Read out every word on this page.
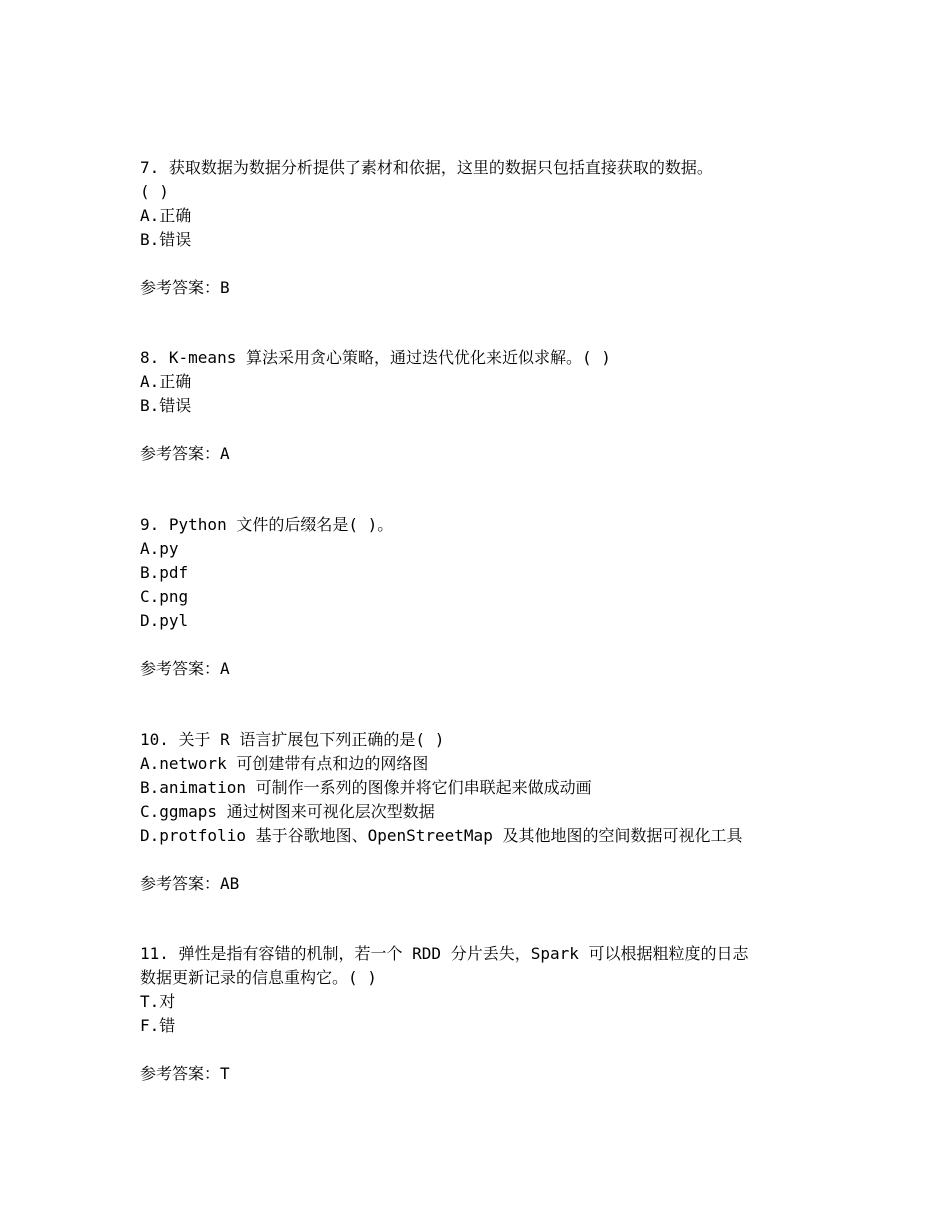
7. 获取数据为数据分析提供了素材和依据，这里的数据只包括直接获取的数据。
( )
A.正确
B.错误
参考答案：B
8. K-means 算法采用贪心策略，通过迭代优化来近似求解。( )
A.正确
B.错误
参考答案：A
9. Python 文件的后缀名是( )。
A.py
B.pdf
C.png
D.pyl
参考答案：A
10. 关于 R 语言扩展包下列正确的是( )
A.network 可创建带有点和边的网络图
B.animation 可制作一系列的图像并将它们串联起来做成动画
C.ggmaps 通过树图来可视化层次型数据
D.protfolio 基于谷歌地图、OpenStreetMap 及其他地图的空间数据可视化工具
参考答案：AB
11. 弹性是指有容错的机制，若一个 RDD 分片丢失，Spark 可以根据粗粒度的日志
数据更新记录的信息重构它。( )
T.对
F.错
参考答案：T
